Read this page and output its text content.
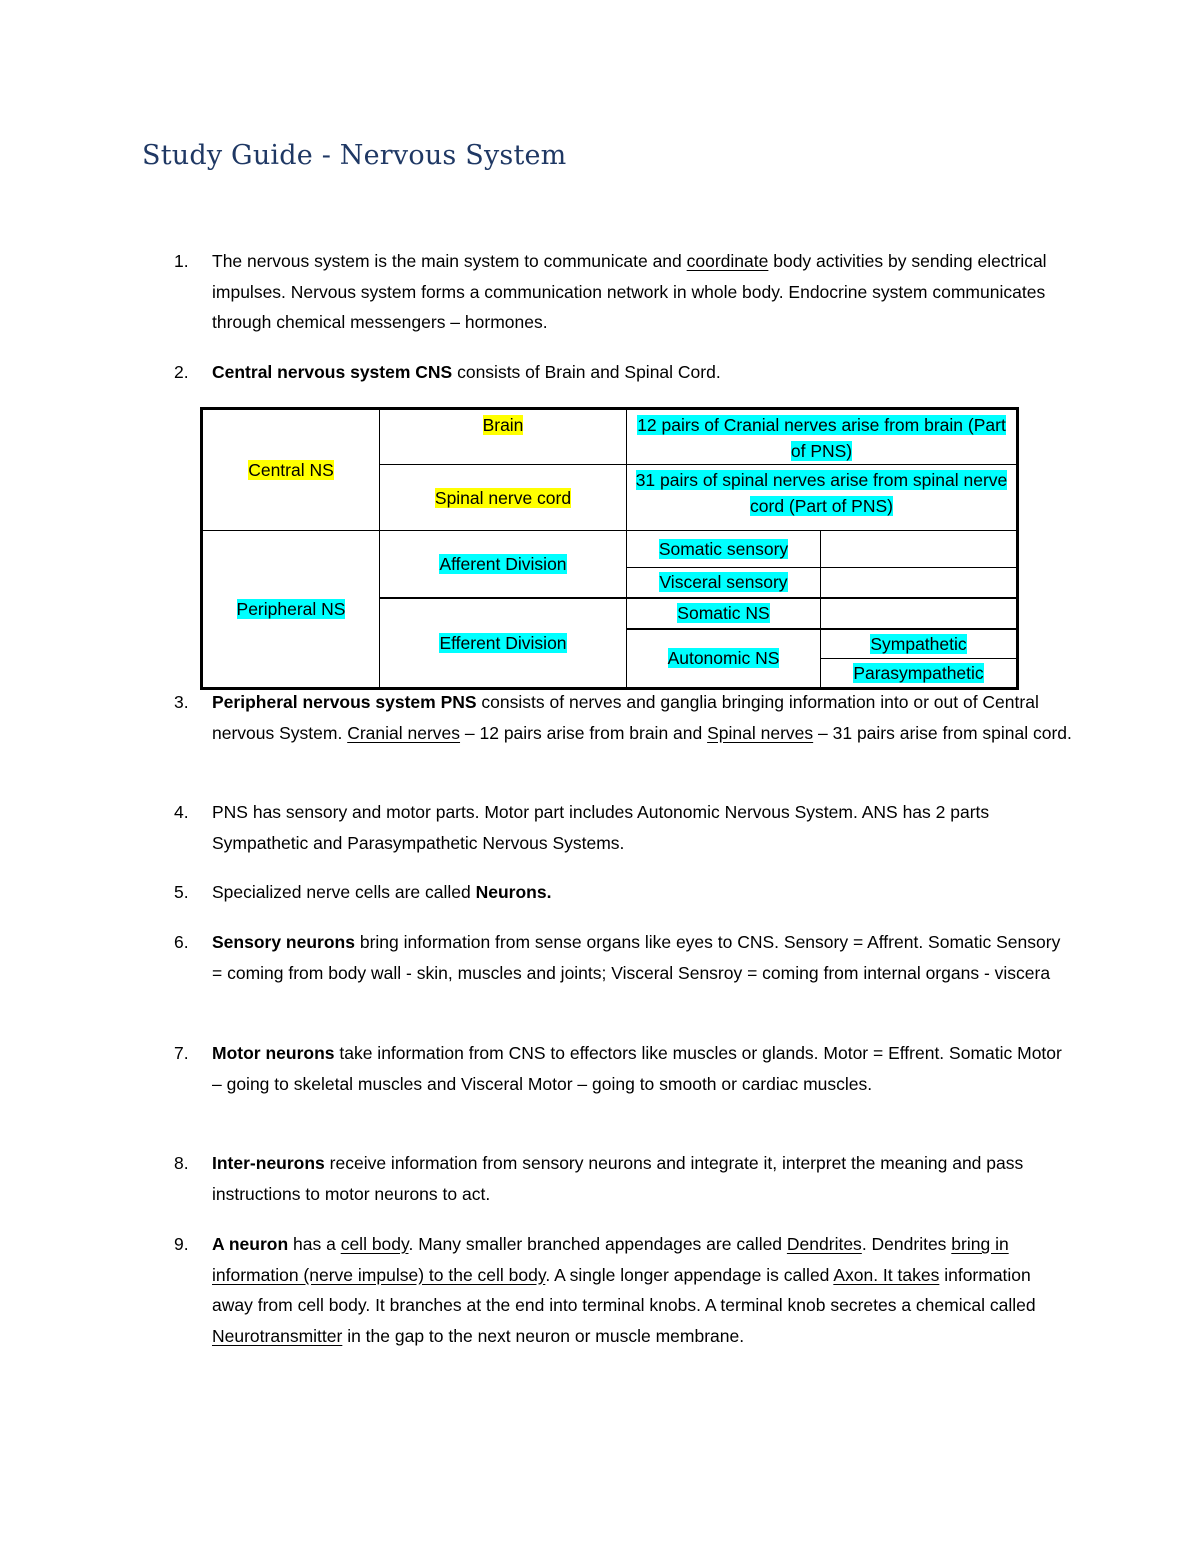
Study Guide - Nervous System

1. The nervous system is the main system to communicate and coordinate body activities by sending electrical impulses. Nervous system forms a communication network in whole body. Endocrine system communicates through chemical messengers – hormones.

2. Central nervous system CNS consists of Brain and Spinal Cord.

Central NS	Brain	12 pairs of Cranial nerves arise from brain (Part of PNS)	
	Spinal nerve cord	31 pairs of spinal nerves arise from spinal nerve cord (Part of PNS)	
Peripheral NS	Afferent Division	Somatic sensory	
		Visceral sensory	
	Efferent Division	Somatic NS	
		Autonomic NS	Sympathetic
			Parasympathetic

3. Peripheral nervous system PNS consists of nerves and ganglia bringing information into or out of Central nervous System. Cranial nerves – 12 pairs arise from brain and Spinal nerves – 31 pairs arise from spinal cord.

4. PNS has sensory and motor parts. Motor part includes Autonomic Nervous System. ANS has 2 parts Sympathetic and Parasympathetic Nervous Systems.

5. Specialized nerve cells are called Neurons.

6. Sensory neurons bring information from sense organs like eyes to CNS. Sensory = Affrent. Somatic Sensory = coming from body wall - skin, muscles and joints; Visceral Sensroy = coming from internal organs - viscera

7. Motor neurons take information from CNS to effectors like muscles or glands. Motor = Effrent. Somatic Motor – going to skeletal muscles and Visceral Motor – going to smooth or cardiac muscles.

8. Inter-neurons receive information from sensory neurons and integrate it, interpret the meaning and pass instructions to motor neurons to act.

9. A neuron has a cell body. Many smaller branched appendages are called Dendrites. Dendrites bring in information (nerve impulse) to the cell body. A single longer appendage is called Axon. It takes information away from cell body. It branches at the end into terminal knobs. A terminal knob secretes a chemical called Neurotransmitter in the gap to the next neuron or muscle membrane.
